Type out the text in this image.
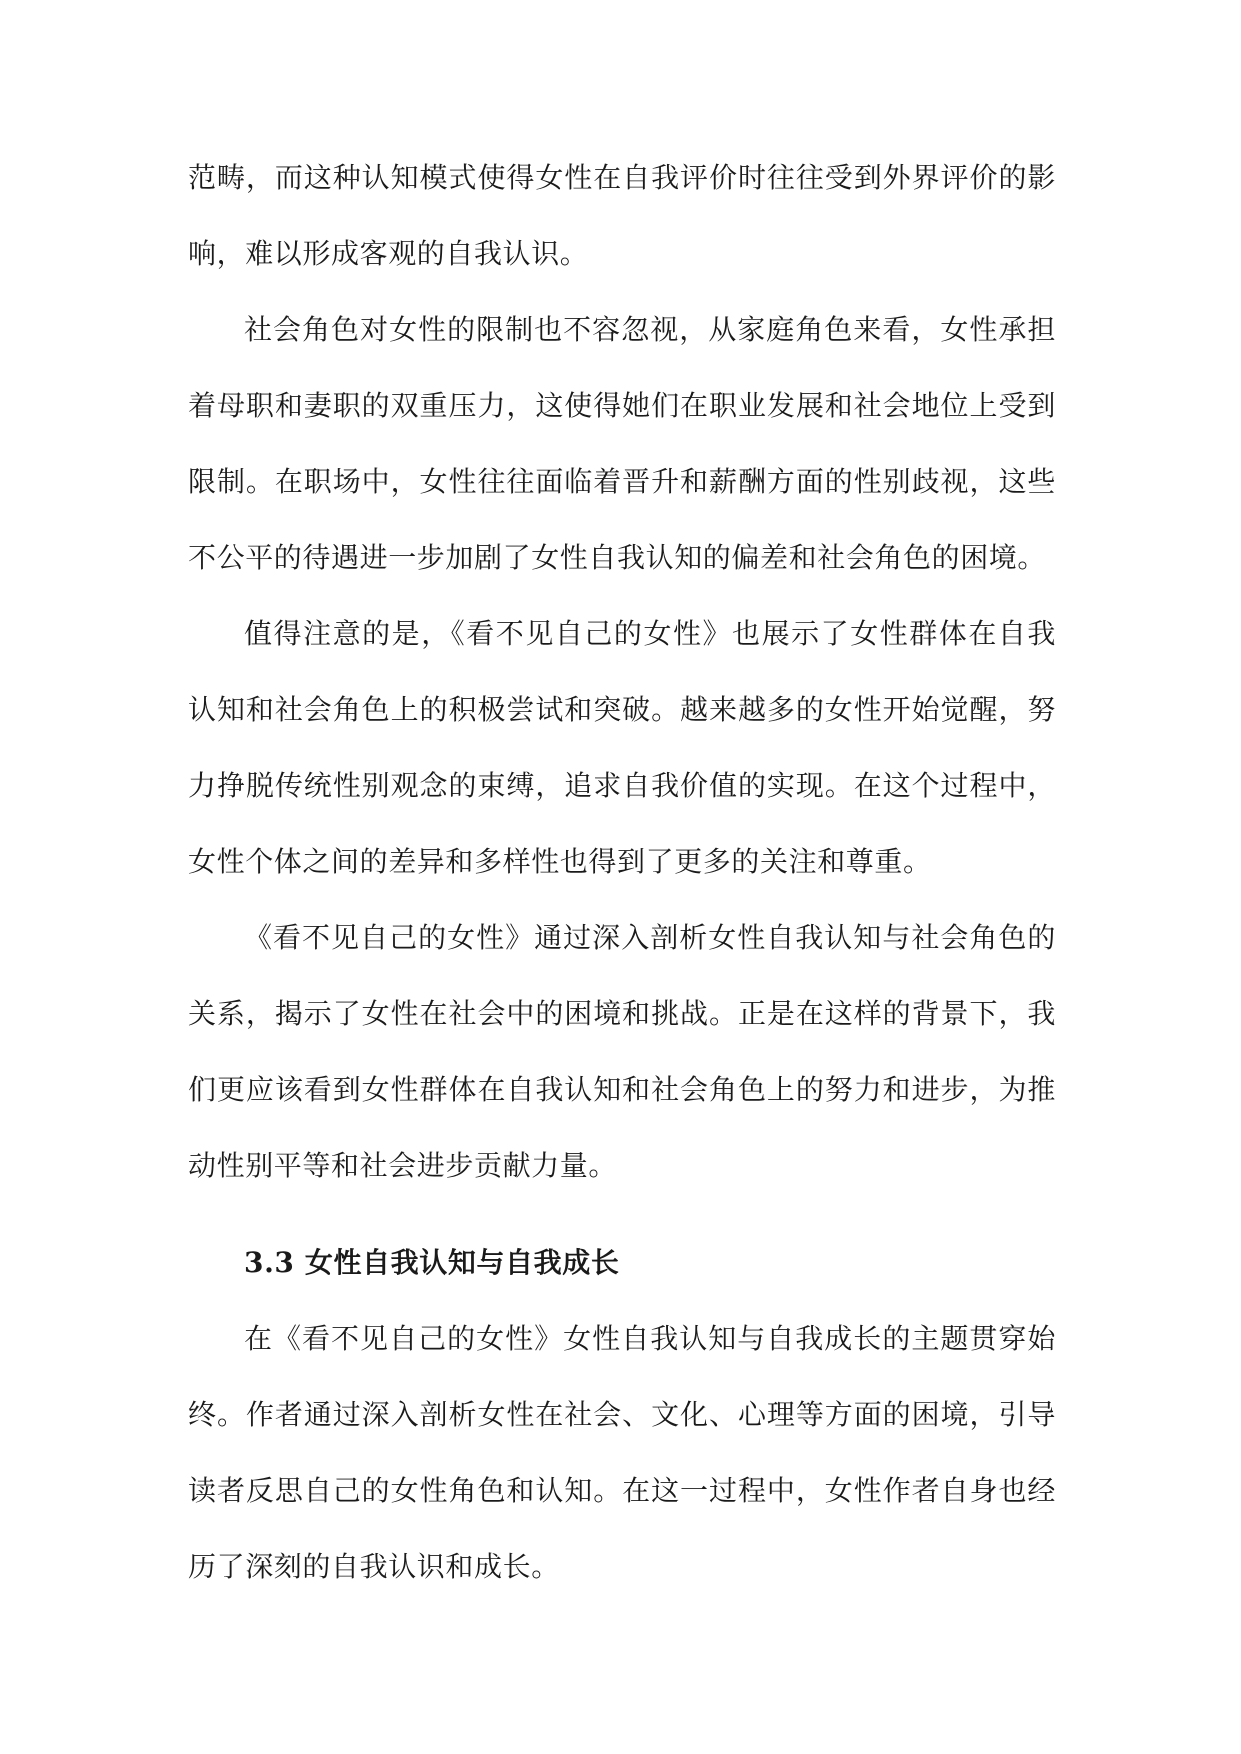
范畴，而这种认知模式使得女性在自我评价时往往受到外界评价的影响，难以形成客观的自我认识。

社会角色对女性的限制也不容忽视，从家庭角色来看，女性承担着母职和妻职的双重压力，这使得她们在职业发展和社会地位上受到限制。在职场中，女性往往面临着晋升和薪酬方面的性别歧视，这些不公平的待遇进一步加剧了女性自我认知的偏差和社会角色的困境。

值得注意的是，《看不见自己的女性》也展示了女性群体在自我认知和社会角色上的积极尝试和突破。越来越多的女性开始觉醒，努力挣脱传统性别观念的束缚，追求自我价值的实现。在这个过程中，女性个体之间的差异和多样性也得到了更多的关注和尊重。

《看不见自己的女性》通过深入剖析女性自我认知与社会角色的关系，揭示了女性在社会中的困境和挑战。正是在这样的背景下，我们更应该看到女性群体在自我认知和社会角色上的努力和进步，为推动性别平等和社会进步贡献力量。

3.3 女性自我认知与自我成长

在《看不见自己的女性》女性自我认知与自我成长的主题贯穿始终。作者通过深入剖析女性在社会、文化、心理等方面的困境，引导读者反思自己的女性角色和认知。在这一过程中，女性作者自身也经历了深刻的自我认识和成长。
